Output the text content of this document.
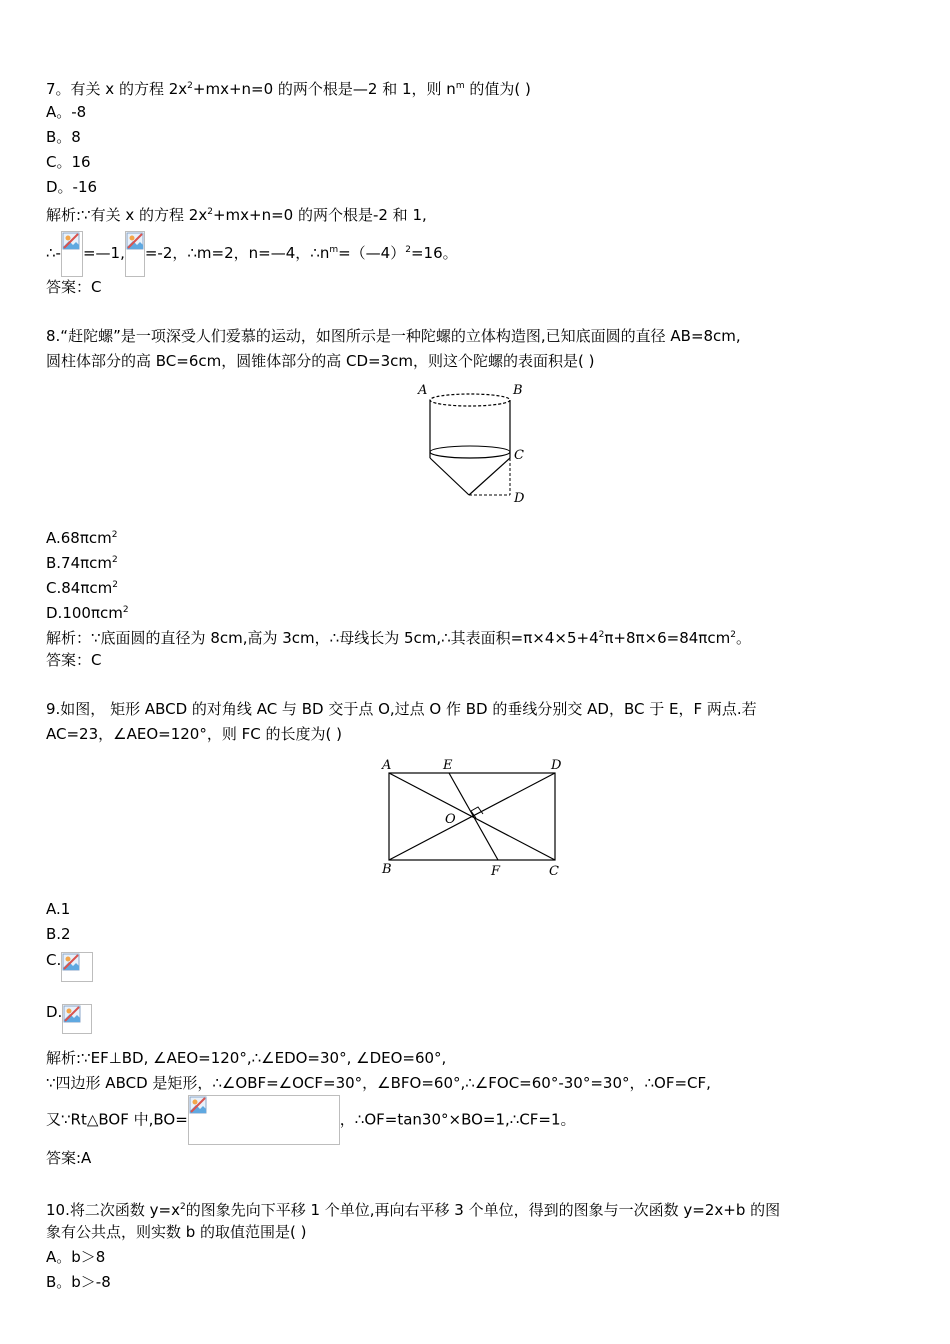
7。有关 x 的方程 $2x^2+mx+n=0$ 的两个根是—2 和 1，则 $n^m$ 的值为( )
A。-8
B。8
C。16
D。-16
解析:∵有关 x 的方程 $2x^2+mx+n=0$ 的两个根是-2 和 1,
∴- =—1, =-2，∴m=2，n=—4，$\therefore n^m=(—4)^2=16$。
答案：C
8.“赶陀螺”是一项深受人们爱慕的运动，如图所示是一种陀螺的立体构造图,已知底面圆的直径 AB=8cm,
圆柱体部分的高 BC=6cm，圆锥体部分的高 CD=3cm，则这个陀螺的表面积是( )
A	B
C
D
A.68πcm$^2$
B.74πcm$^2$
C.84πcm$^2$
D.100πcm$^2$
解析：∵底面圆的直径为 8cm,高为 3cm，∴母线长为 5cm,∴其表面积$=\pi\times 4\times 5+4^2\pi+8\pi\times 6=84\pi cm^2$。
答案：C
9.如图， 矩形 ABCD 的对角线 AC 与 BD 交于点 O,过点 O 作 BD 的垂线分别交 AD，BC 于 E，F 两点.若
AC=23，∠AEO=120°，则 FC 的长度为( )
A	E	D
O
B	F	C
A.1
B.2
C.
D.
解析:∵EF⊥BD, ∠AEO=120°,∴∠EDO=30°, ∠DEO=60°,
∵四边形 ABCD 是矩形，∴∠OBF=∠OCF=30°，∠BFO=60°,∴∠FOC=60°-30°=30°，∴OF=CF,
又∵Rt△BOF 中,BO=	，∴OF=tan30°×BO=1,∴CF=1。
答案:A
10.将二次函数 $y=x^2$的图象先向下平移 1 个单位,再向右平移 3 个单位，得到的图象与一次函数 y=2x+b 的图
象有公共点，则实数 b 的取值范围是( )
A。b＞8
B。b＞-8
